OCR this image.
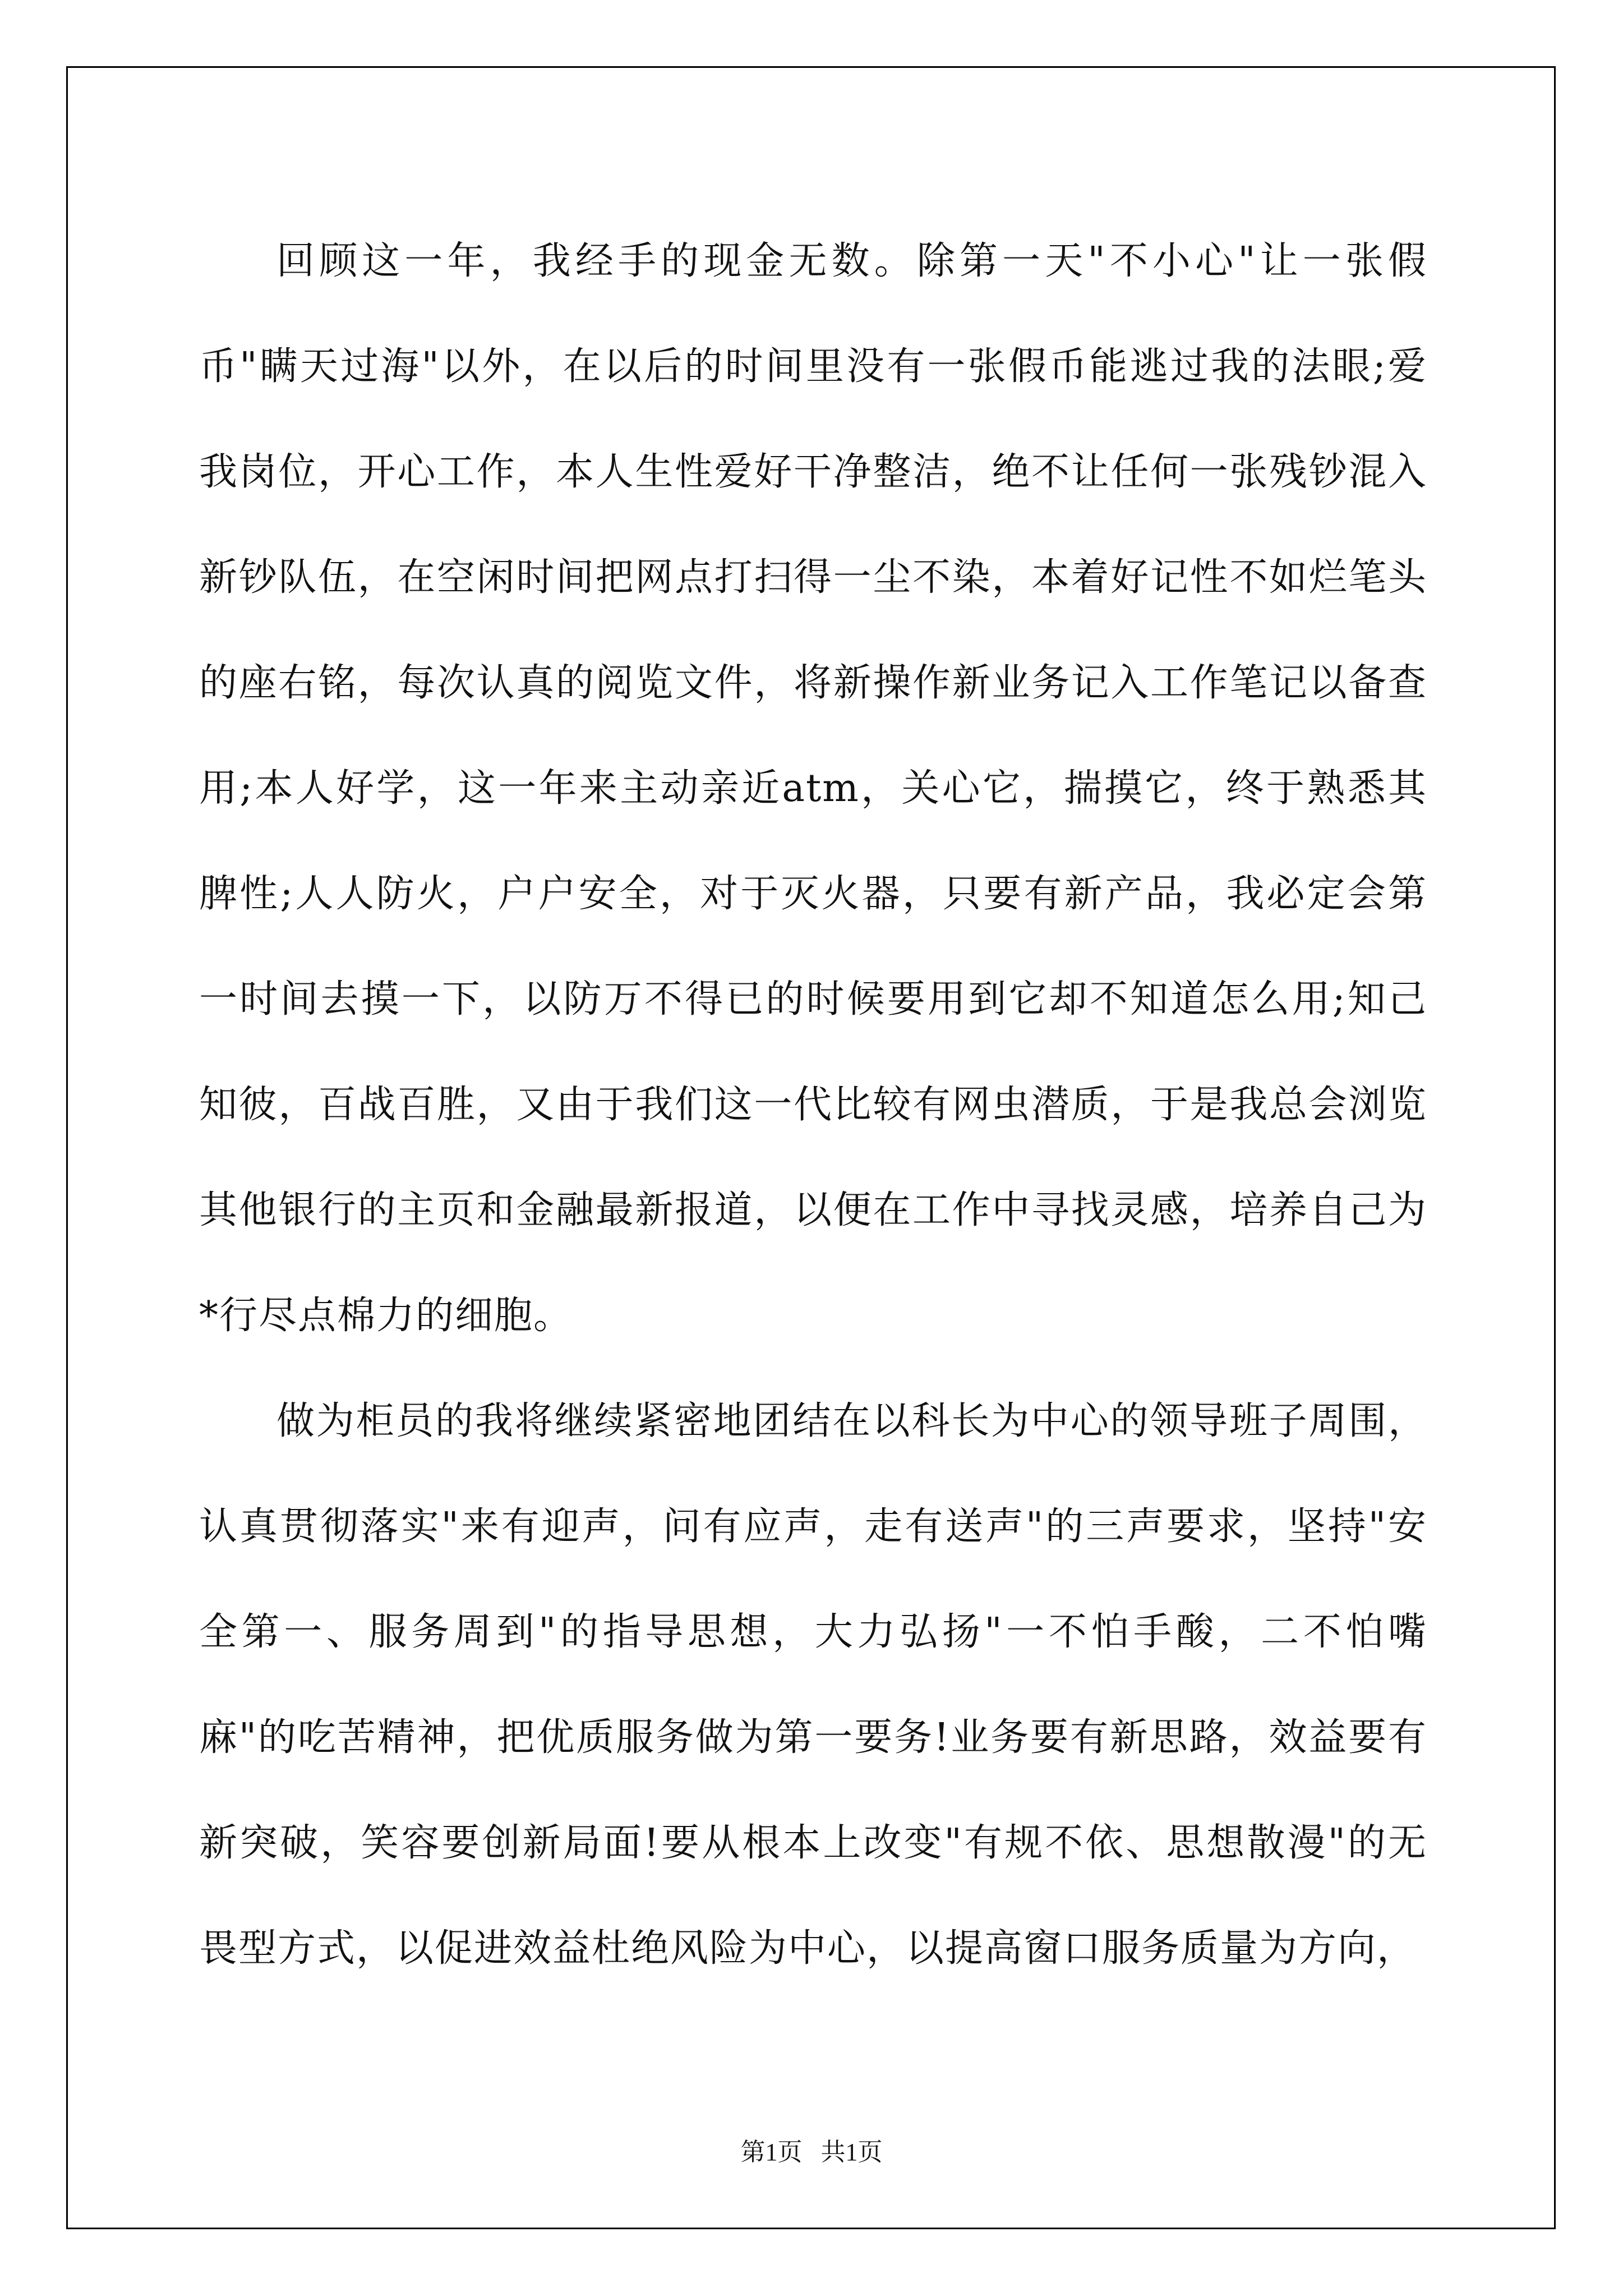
回顾这一年，我经手的现金无数。除第一天"不小心"让一张假币"瞒天过海"以外，在以后的时间里没有一张假币能逃过我的法眼;爱我岗位，开心工作，本人生性爱好干净整洁，绝不让任何一张残钞混入新钞队伍，在空闲时间把网点打扫得一尘不染，本着好记性不如烂笔头的座右铭，每次认真的阅览文件，将新操作新业务记入工作笔记以备查用;本人好学，这一年来主动亲近atm，关心它，揣摸它，终于熟悉其脾性;人人防火，户户安全，对于灭火器，只要有新产品，我必定会第一时间去摸一下，以防万不得已的时候要用到它却不知道怎么用;知己知彼，百战百胜，又由于我们这一代比较有网虫潜质，于是我总会浏览其他银行的主页和金融最新报道，以便在工作中寻找灵感，培养自己为*行尽点棉力的细胞。

做为柜员的我将继续紧密地团结在以科长为中心的领导班子周围，认真贯彻落实"来有迎声，问有应声，走有送声"的三声要求，坚持"安全第一、服务周到"的指导思想，大力弘扬"一不怕手酸，二不怕嘴麻"的吃苦精神，把优质服务做为第一要务!业务要有新思路，效益要有新突破，笑容要创新局面!要从根本上改变"有规不依、思想散漫"的无畏型方式，以促进效益杜绝风险为中心，以提高窗口服务质量为方向，

第1页   共1页
